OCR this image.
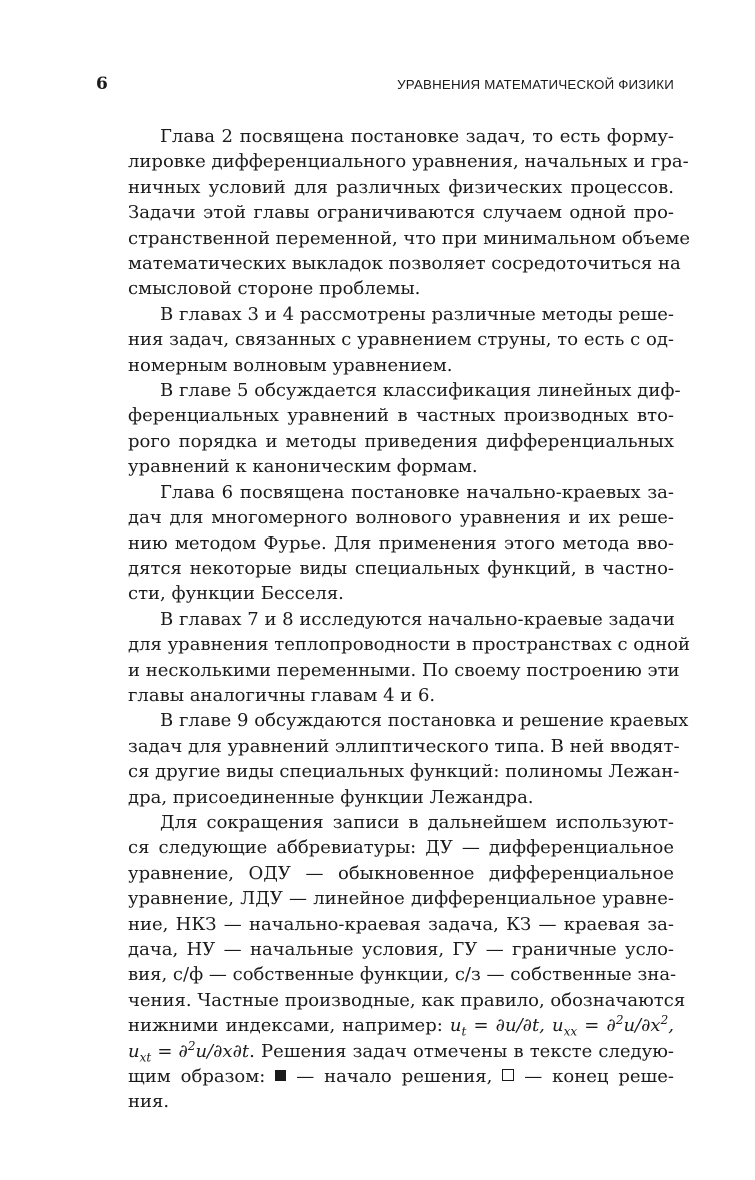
6	УРАВНЕНИЯ МАТЕМАТИЧЕСКОЙ ФИЗИКИ

Глава 2 посвящена постановке задач, то есть форму-
лировке дифференциального уравнения, начальных и гра-
ничных условий для различных физических процессов.
Задачи этой главы ограничиваются случаем одной про-
странственной переменной, что при минимальном объеме
математических выкладок позволяет сосредоточиться на
смысловой стороне проблемы.

В главах 3 и 4 рассмотрены различные методы реше-
ния задач, связанных с уравнением струны, то есть с од-
номерным волновым уравнением.

В главе 5 обсуждается классификация линейных диф-
ференциальных уравнений в частных производных вто-
рого порядка и методы приведения дифференциальных
уравнений к каноническим формам.

Глава 6 посвящена постановке начально-краевых за-
дач для многомерного волнового уравнения и их реше-
нию методом Фурье. Для применения этого метода вво-
дятся некоторые виды специальных функций, в частно-
сти, функции Бесселя.

В главах 7 и 8 исследуются начально-краевые задачи
для уравнения теплопроводности в пространствах с одной
и несколькими переменными. По своему построению эти
главы аналогичны главам 4 и 6.

В главе 9 обсуждаются постановка и решение краевых
задач для уравнений эллиптического типа. В ней вводят-
ся другие виды специальных функций: полиномы Лежан-
дра, присоединенные функции Лежандра.

Для сокращения записи в дальнейшем используют-
ся следующие аббревиатуры: ДУ — дифференциальное
уравнение, ОДУ — обыкновенное дифференциальное
уравнение, ЛДУ — линейное дифференциальное уравне-
ние, НКЗ — начально-краевая задача, КЗ — краевая за-
дача, НУ — начальные условия, ГУ — граничные усло-
вия, с/ф — собственные функции, с/з — собственные зна-
чения. Частные производные, как правило, обозначаются
нижними индексами, например: $u_t = \partial u/\partial t$, $u_{xx} = \partial^2u/\partial x^2$,
$u_{xt} = \partial^2u/\partial x\partial t$. Решения задач отмечены в тексте следую-
щим образом: — начало решения, — конец реше-
ния.
